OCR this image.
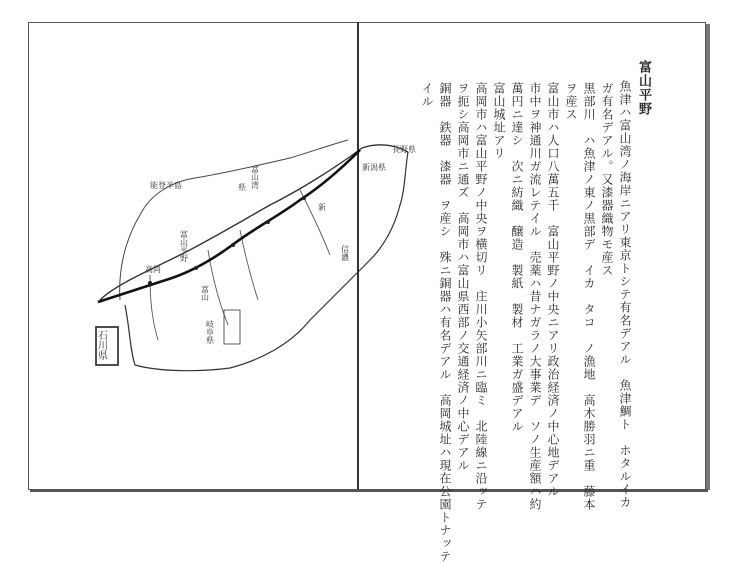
石川県
富山湾
能登半島
新潟県
長野県
富山平野
高岡
富山
岐阜県
信濃
新
県
富山平野
魚津ハ富山湾ノ海岸ニアリ東京トシテ有名デアル　魚津鯛ト　ホタルイカ
ガ有名デアル。又漆器織物モ産ス
黒部川　ハ魚津ノ東ノ黒部デ　イカ　タコ　ノ漁地　高木勝羽ニ重　藤本
ヲ産ス
富山市ハ人口八萬五千　富山平野ノ中央ニアリ政治経済ノ中心地デアル
市中ヲ神通川ガ流レテイル　売薬ハ昔ナガラノ大事業デ　ソノ生産額ハ約
萬円ニ達シ　次ニ紡織　醸造　製紙　製材　工業ガ盛デアル
富山城址アリ
高岡市ハ富山平野ノ中央ヲ横切リ　庄川小矢部川ニ臨ミ　北陸線ニ沿ッテ
ヲ扼シ高岡市ニ通ズ　高岡市ハ富山県西部ノ交通経済ノ中心デアル
銅器　鉄器　漆器　ヲ産シ　殊ニ銅器ハ有名デアル　高岡城址ハ現在公園トナッテ
イル
